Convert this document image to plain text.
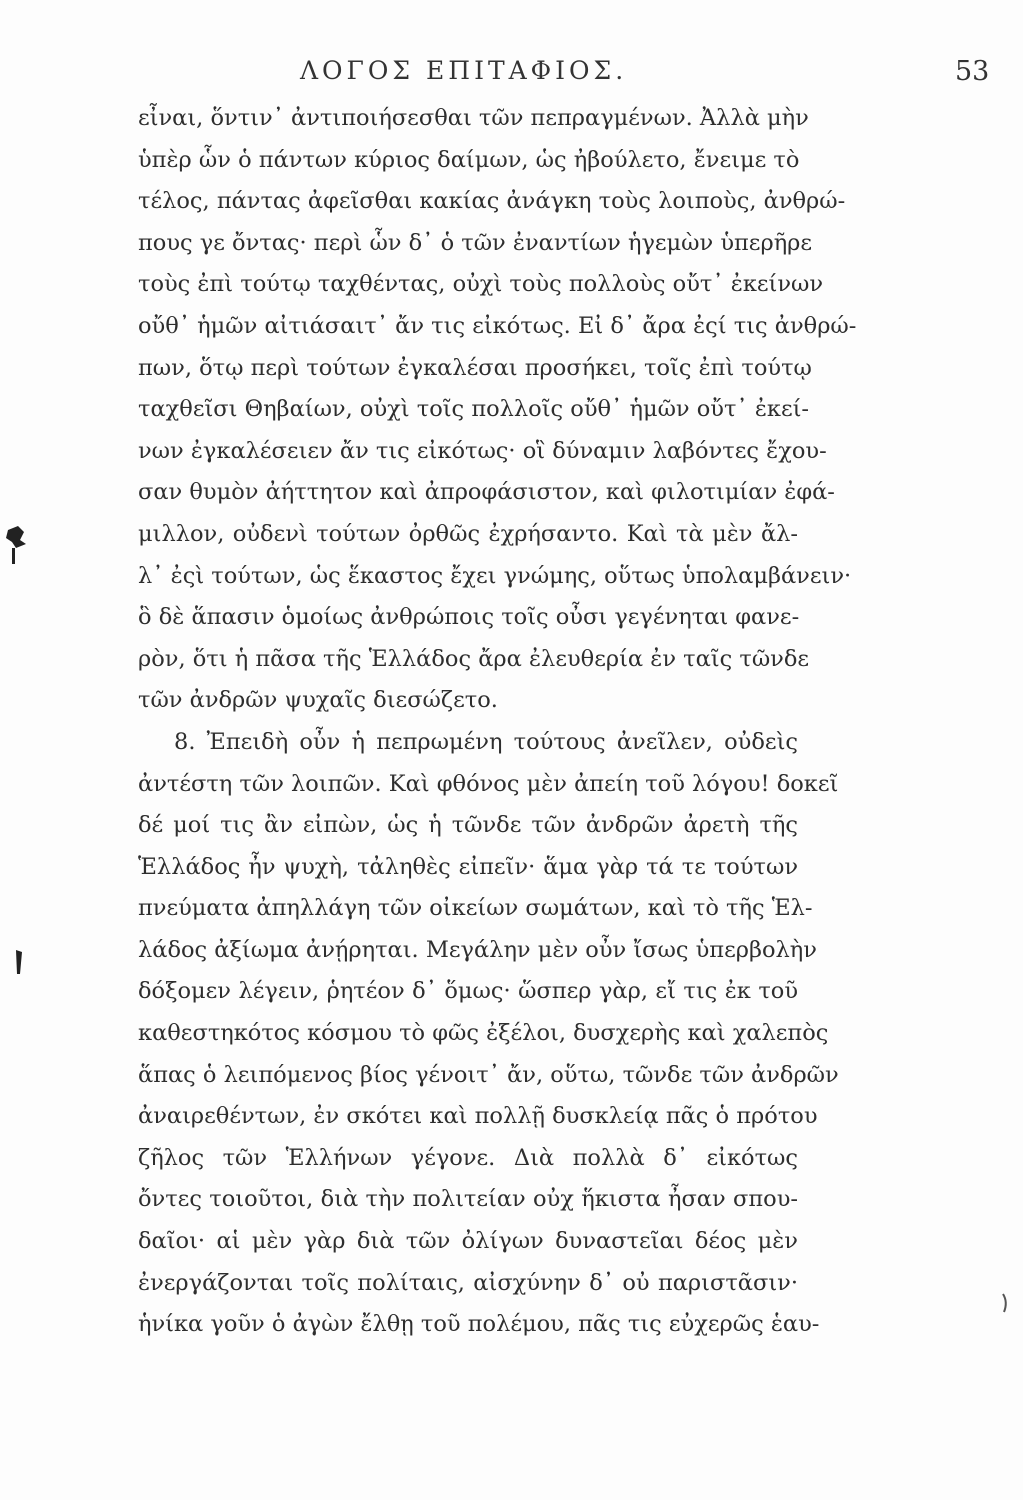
ΛΟΓΟΣ ΕΠΙΤΑΦΙΟΣ.	53
εἶναι, ὅντιν᾽ ἀντιποιήσεσθαι τῶν πεπραγμένων. Ἀλλὰ μὴν
ὑπὲρ ὧν ὁ πάντων κύριος δαίμων, ὡς ἠβούλετο, ἔνειμε τὸ
τέλος, πάντας ἀφεῖσθαι κακίας ἀνάγκη τοὺς λοιποὺς, ἀνθρώ-
πους γε ὄντας· περὶ ὧν δ᾽ ὁ τῶν ἐναντίων ἡγεμὼν ὑπερῆρε
τοὺς ἐπὶ τούτῳ ταχθέντας, οὐχὶ τοὺς πολλοὺς οὔτ᾽ ἐκείνων
οὔθ᾽ ἡμῶν αἰτιάσαιτ᾽ ἄν τις εἰκότως. Εἰ δ᾽ ἄρα ἐςί τις ἀνθρώ-
πων, ὅτῳ περὶ τούτων ἐγκαλέσαι προσήκει, τοῖς ἐπὶ τούτῳ
ταχθεῖσι Θηβαίων, οὐχὶ τοῖς πολλοῖς οὔθ᾽ ἡμῶν οὔτ᾽ ἐκεί-
νων ἐγκαλέσειεν ἄν τις εἰκότως· οἳ δύναμιν λαβόντες ἔχου-
σαν θυμὸν ἀήττητον καὶ ἀπροφάσιστον, καὶ φιλοτιμίαν ἐφά-
μιλλον, οὐδενὶ τούτων ὀρθῶς ἐχρήσαντο. Καὶ τὰ μὲν ἄλ-
λ᾽ ἐςὶ τούτων, ὡς ἕκαστος ἔχει γνώμης, οὕτως ὑπολαμβάνειν·
ὃ δὲ ἅπασιν ὁμοίως ἀνθρώποις τοῖς οὖσι γεγένηται φανε-
ρὸν, ὅτι ἡ πᾶσα τῆς Ἑλλάδος ἄρα ἐλευθερία ἐν ταῖς τῶνδε
τῶν ἀνδρῶν ψυχαῖς διεσώζετο.
8. Ἐπειδὴ οὖν ἡ πεπρωμένη τούτους ἀνεῖλεν, οὐδεὶς
ἀντέστη τῶν λοιπῶν. Καὶ φθόνος μὲν ἀπείη τοῦ λόγου! δοκεῖ
δέ μοί τις ἂν εἰπὼν, ὡς ἡ τῶνδε τῶν ἀνδρῶν ἀρετὴ τῆς
Ἑλλάδος ἦν ψυχὴ, τἀληθὲς εἰπεῖν· ἅμα γὰρ τά τε τούτων
πνεύματα ἀπηλλάγη τῶν οἰκείων σωμάτων, καὶ τὸ τῆς Ἑλ-
λάδος ἀξίωμα ἀνῄρηται. Μεγάλην μὲν οὖν ἴσως ὑπερβολὴν
δόξομεν λέγειν, ῥητέον δ᾽ ὅμως· ὥσπερ γὰρ, εἴ τις ἐκ τοῦ
καθεστηκότος κόσμου τὸ φῶς ἐξέλοι, δυσχερὴς καὶ χαλεπὸς
ἅπας ὁ λειπόμενος βίος γένοιτ᾽ ἄν, οὕτω, τῶνδε τῶν ἀνδρῶν
ἀναιρεθέντων, ἐν σκότει καὶ πολλῇ δυσκλείᾳ πᾶς ὁ πρότου
ζῆλος τῶν Ἑλλήνων γέγονε. Διὰ πολλὰ δ᾽ εἰκότως
ὄντες τοιοῦτοι, διὰ τὴν πολιτείαν οὐχ ἥκιστα ἦσαν σπου-
δαῖοι· αἱ μὲν γὰρ διὰ τῶν ὀλίγων δυναστεῖαι δέος μὲν
ἐνεργάζονται τοῖς πολίταις, αἰσχύνην δ᾽ οὐ παριστᾶσιν·
ἡνίκα γοῦν ὁ ἀγὼν ἔλθῃ τοῦ πολέμου, πᾶς τις εὐχερῶς ἑαυ-
